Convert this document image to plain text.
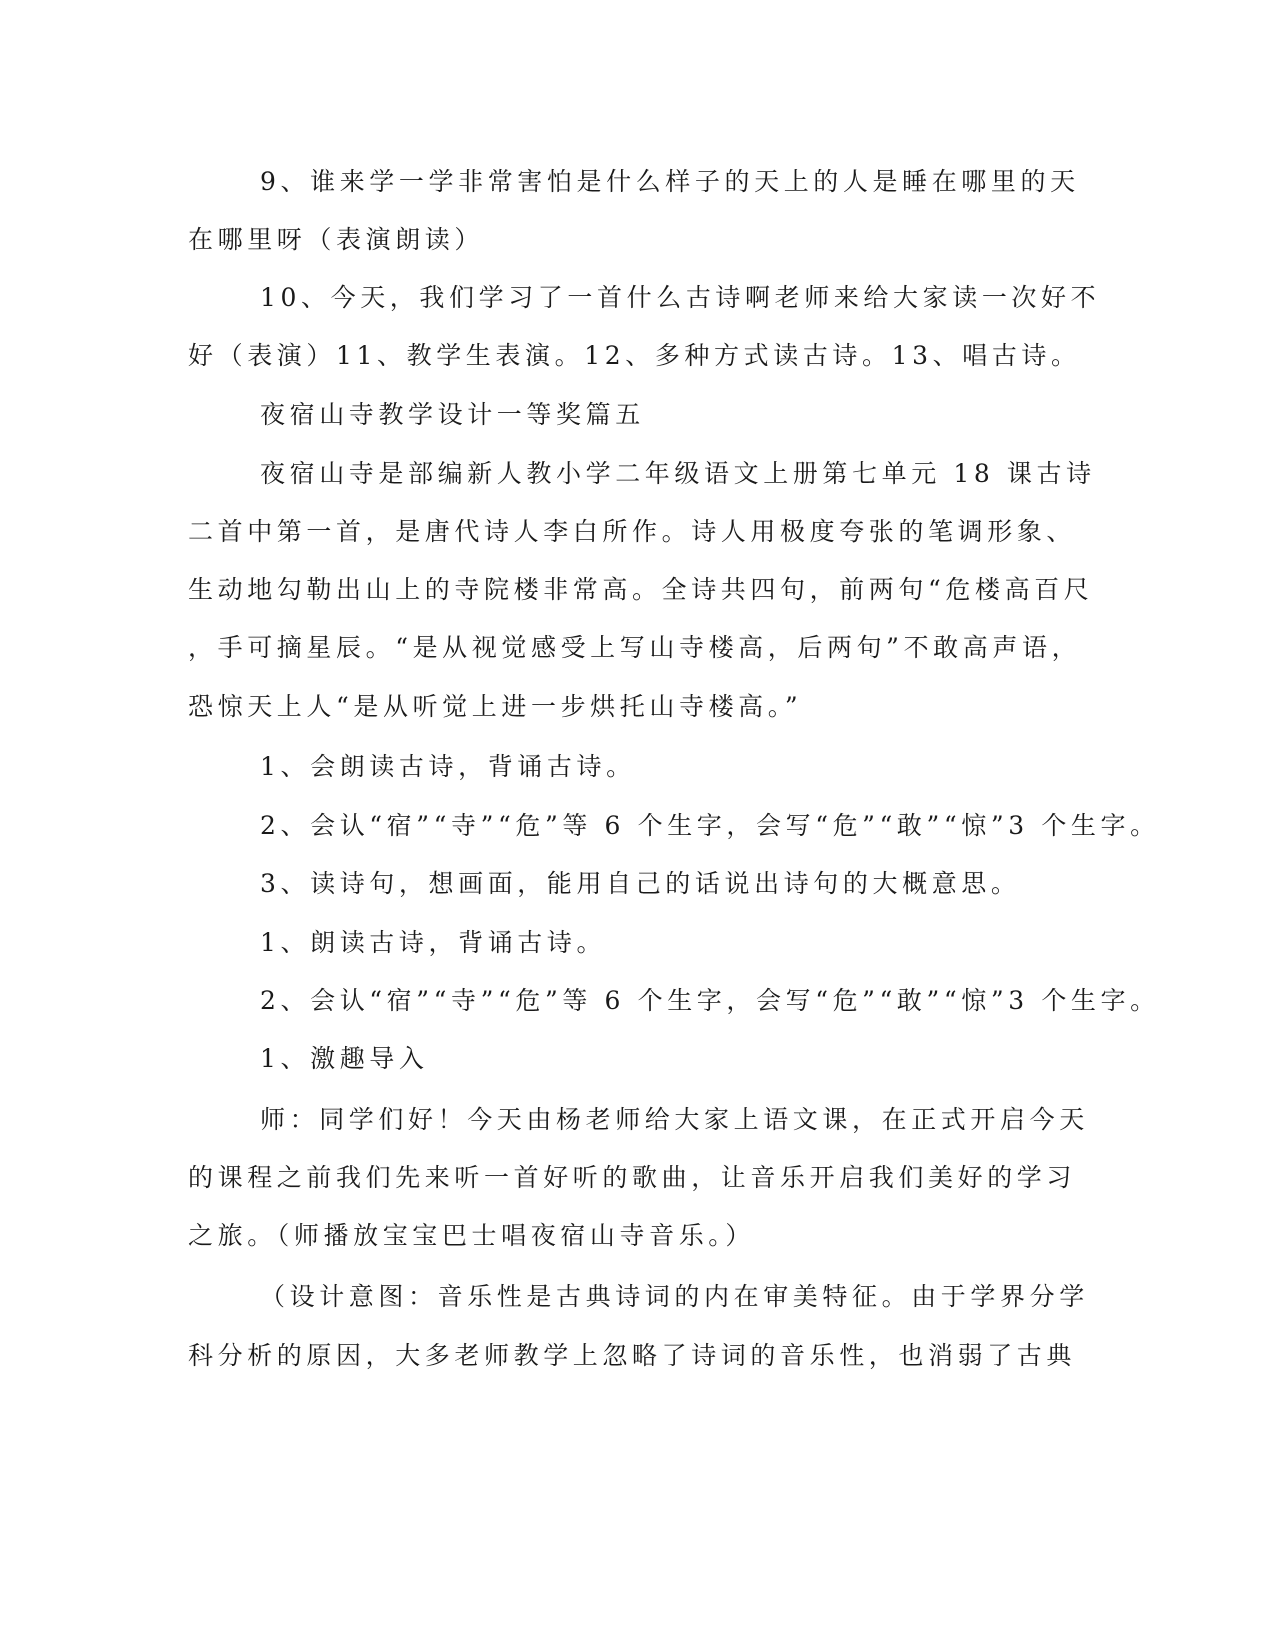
9、谁来学一学非常害怕是什么样子的天上的人是睡在哪里的天
在哪里呀（表演朗读）
10、今天，我们学习了一首什么古诗啊老师来给大家读一次好不
好（表演）11、教学生表演。12、多种方式读古诗。13、唱古诗。
夜宿山寺教学设计一等奖篇五
夜宿山寺是部编新人教小学二年级语文上册第七单元 18 课古诗
二首中第一首，是唐代诗人李白所作。诗人用极度夸张的笔调形象、
生动地勾勒出山上的寺院楼非常高。全诗共四句，前两句“危楼高百尺
，手可摘星辰。“是从视觉感受上写山寺楼高，后两句”不敢高声语，
恐惊天上人“是从听觉上进一步烘托山寺楼高。”
1、会朗读古诗，背诵古诗。
2、会认“宿”“寺”“危”等 6 个生字，会写“危”“敢”“惊”3 个生字。
3、读诗句，想画面，能用自己的话说出诗句的大概意思。
1、朗读古诗，背诵古诗。
2、会认“宿”“寺”“危”等 6 个生字，会写“危”“敢”“惊”3 个生字。
1、激趣导入
师：同学们好！今天由杨老师给大家上语文课，在正式开启今天
的课程之前我们先来听一首好听的歌曲，让音乐开启我们美好的学习
之旅。（师播放宝宝巴士唱夜宿山寺音乐。）
（设计意图：音乐性是古典诗词的内在审美特征。由于学界分学
科分析的原因，大多老师教学上忽略了诗词的音乐性，也消弱了古典
